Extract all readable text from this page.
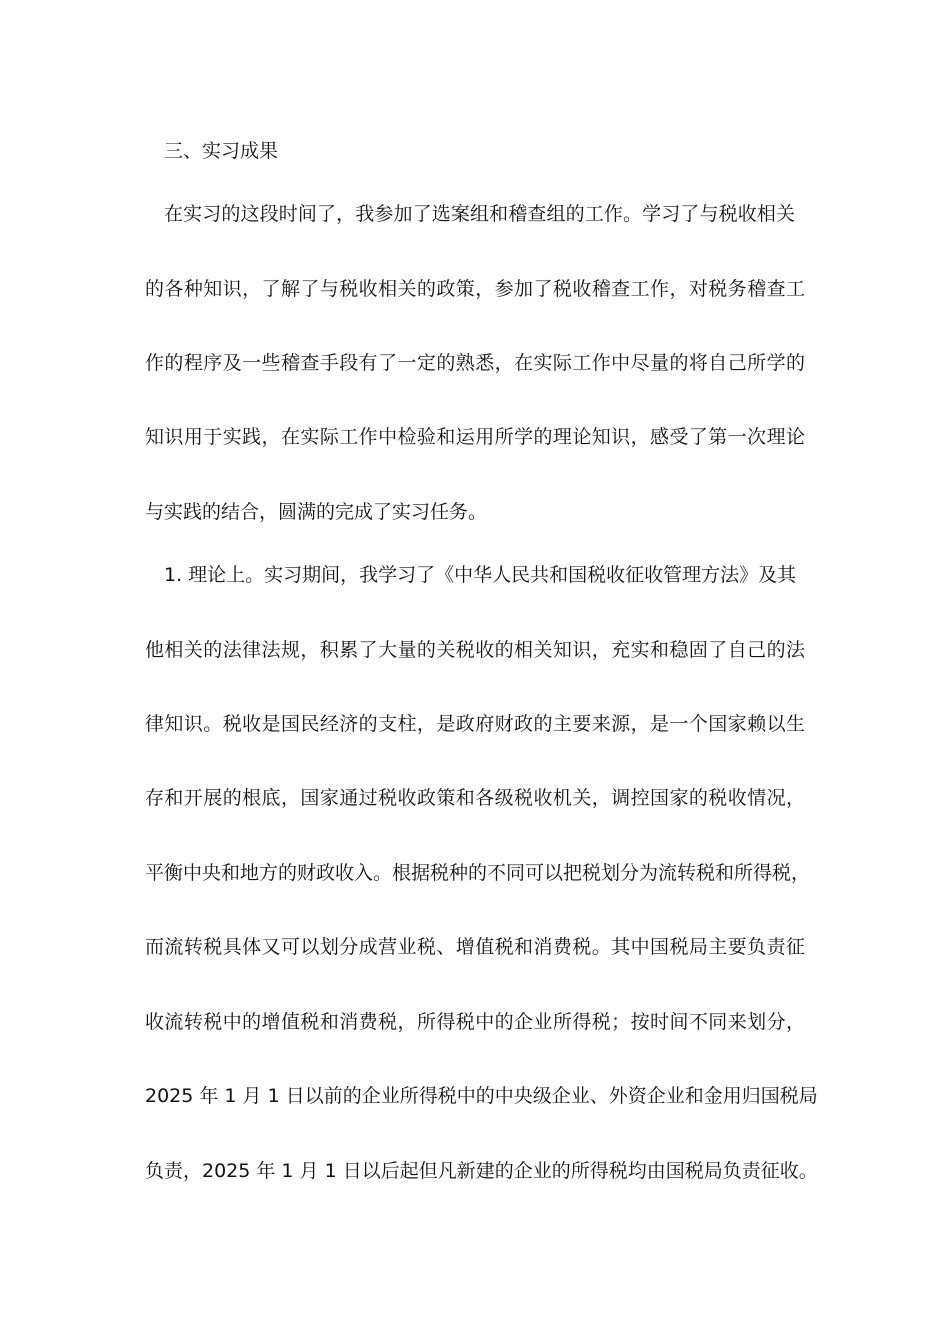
三、实习成果
在实习的这段时间了，我参加了选案组和稽查组的工作。学习了与税收相关
的各种知识，了解了与税收相关的政策，参加了税收稽查工作，对税务稽查工
作的程序及一些稽查手段有了一定的熟悉，在实际工作中尽量的将自己所学的
知识用于实践，在实际工作中检验和运用所学的理论知识，感受了第一次理论
与实践的结合，圆满的完成了实习任务。
1. 理论上。实习期间，我学习了《中华人民共和国税收征收管理方法》及其
他相关的法律法规，积累了大量的关税收的相关知识，充实和稳固了自己的法
律知识。税收是国民经济的支柱，是政府财政的主要来源，是一个国家赖以生
存和开展的根底，国家通过税收政策和各级税收机关，调控国家的税收情况，
平衡中央和地方的财政收入。根据税种的不同可以把税划分为流转税和所得税，
而流转税具体又可以划分成营业税、增值税和消费税。其中国税局主要负责征
收流转税中的增值税和消费税，所得税中的企业所得税；按时间不同来划分，
2025 年 1 月 1 日以前的企业所得税中的中央级企业、外资企业和金用归国税局
负责，2025 年 1 月 1 日以后起但凡新建的企业的所得税均由国税局负责征收。
